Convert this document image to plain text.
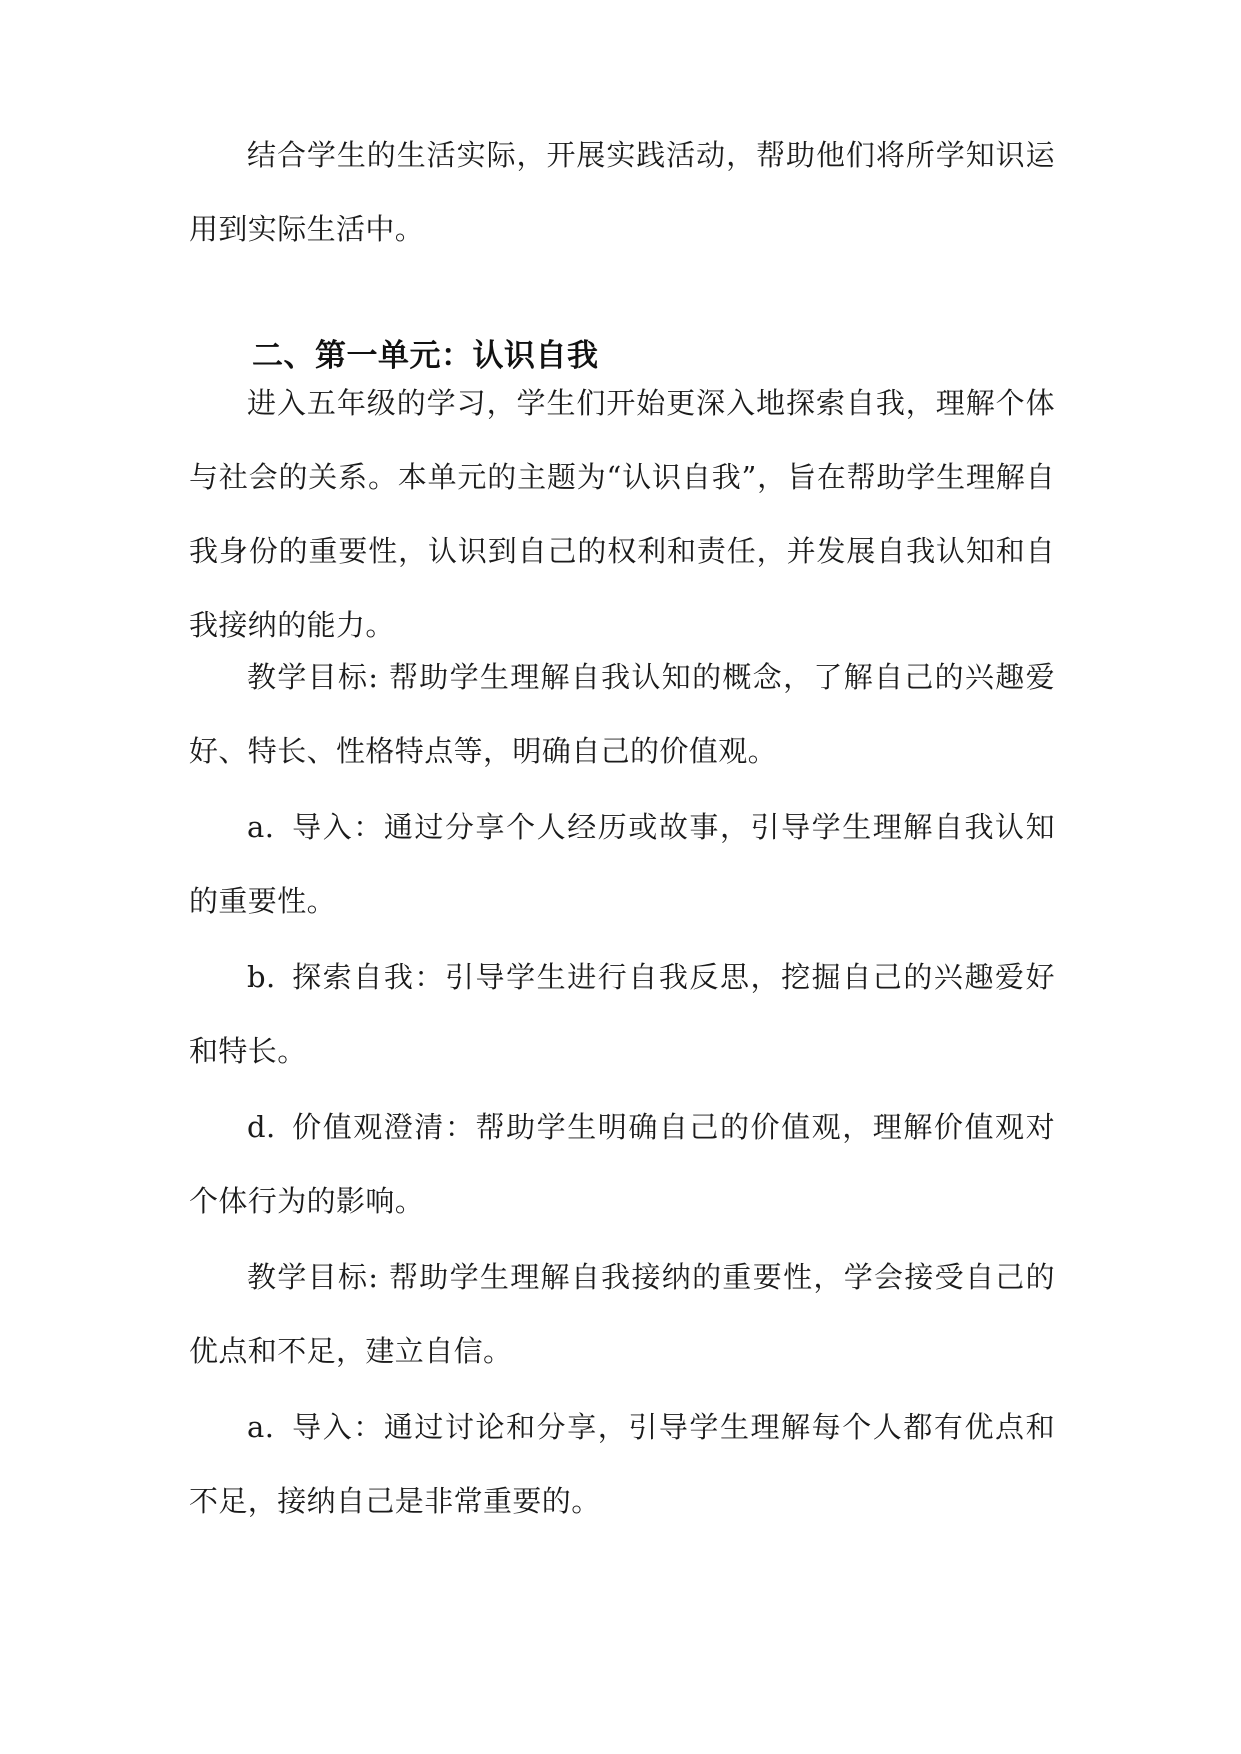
结合学生的生活实际，开展实践活动，帮助他们将所学知识运用到实际生活中。

二、第一单元：认识自我

进入五年级的学习，学生们开始更深入地探索自我，理解个体与社会的关系。本单元的主题为“认识自我”，旨在帮助学生理解自我身份的重要性，认识到自己的权利和责任，并发展自我认知和自我接纳的能力。

教学目标: 帮助学生理解自我认知的概念，了解自己的兴趣爱好、特长、性格特点等，明确自己的价值观。

a. 导入：通过分享个人经历或故事，引导学生理解自我认知的重要性。

b. 探索自我：引导学生进行自我反思，挖掘自己的兴趣爱好和特长。

d. 价值观澄清：帮助学生明确自己的价值观，理解价值观对个体行为的影响。

教学目标: 帮助学生理解自我接纳的重要性，学会接受自己的优点和不足，建立自信。

a. 导入：通过讨论和分享，引导学生理解每个人都有优点和不足，接纳自己是非常重要的。
